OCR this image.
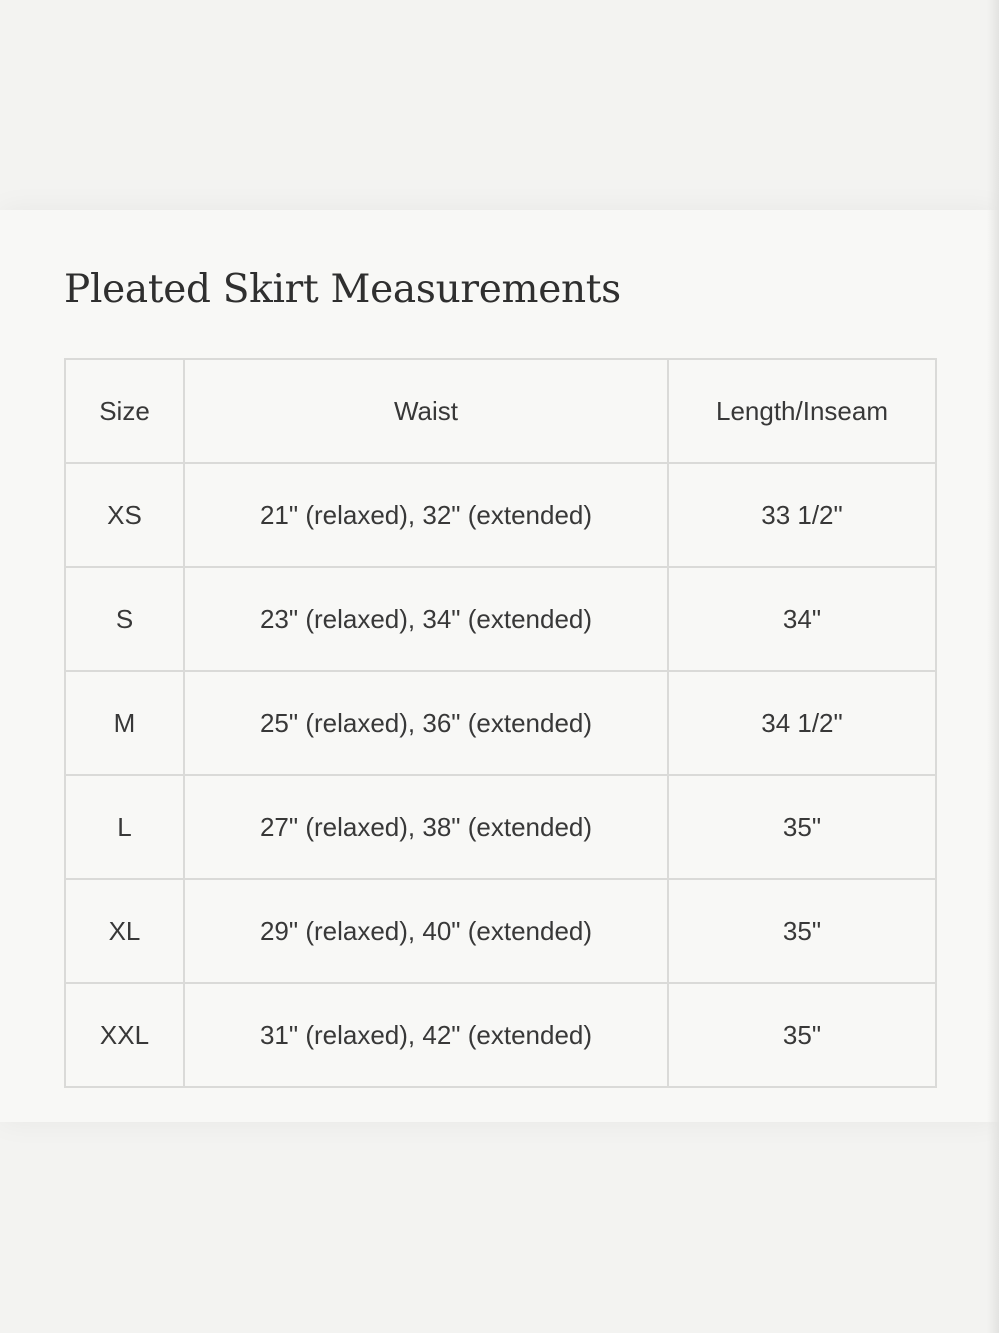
Pleated Skirt Measurements
Size	Waist	Length/Inseam
XS	21" (relaxed), 32" (extended)	33 1/2"
S	23" (relaxed), 34" (extended)	34"
M	25" (relaxed), 36" (extended)	34 1/2"
L	27" (relaxed), 38" (extended)	35"
XL	29" (relaxed), 40" (extended)	35"
XXL	31" (relaxed), 42" (extended)	35"
